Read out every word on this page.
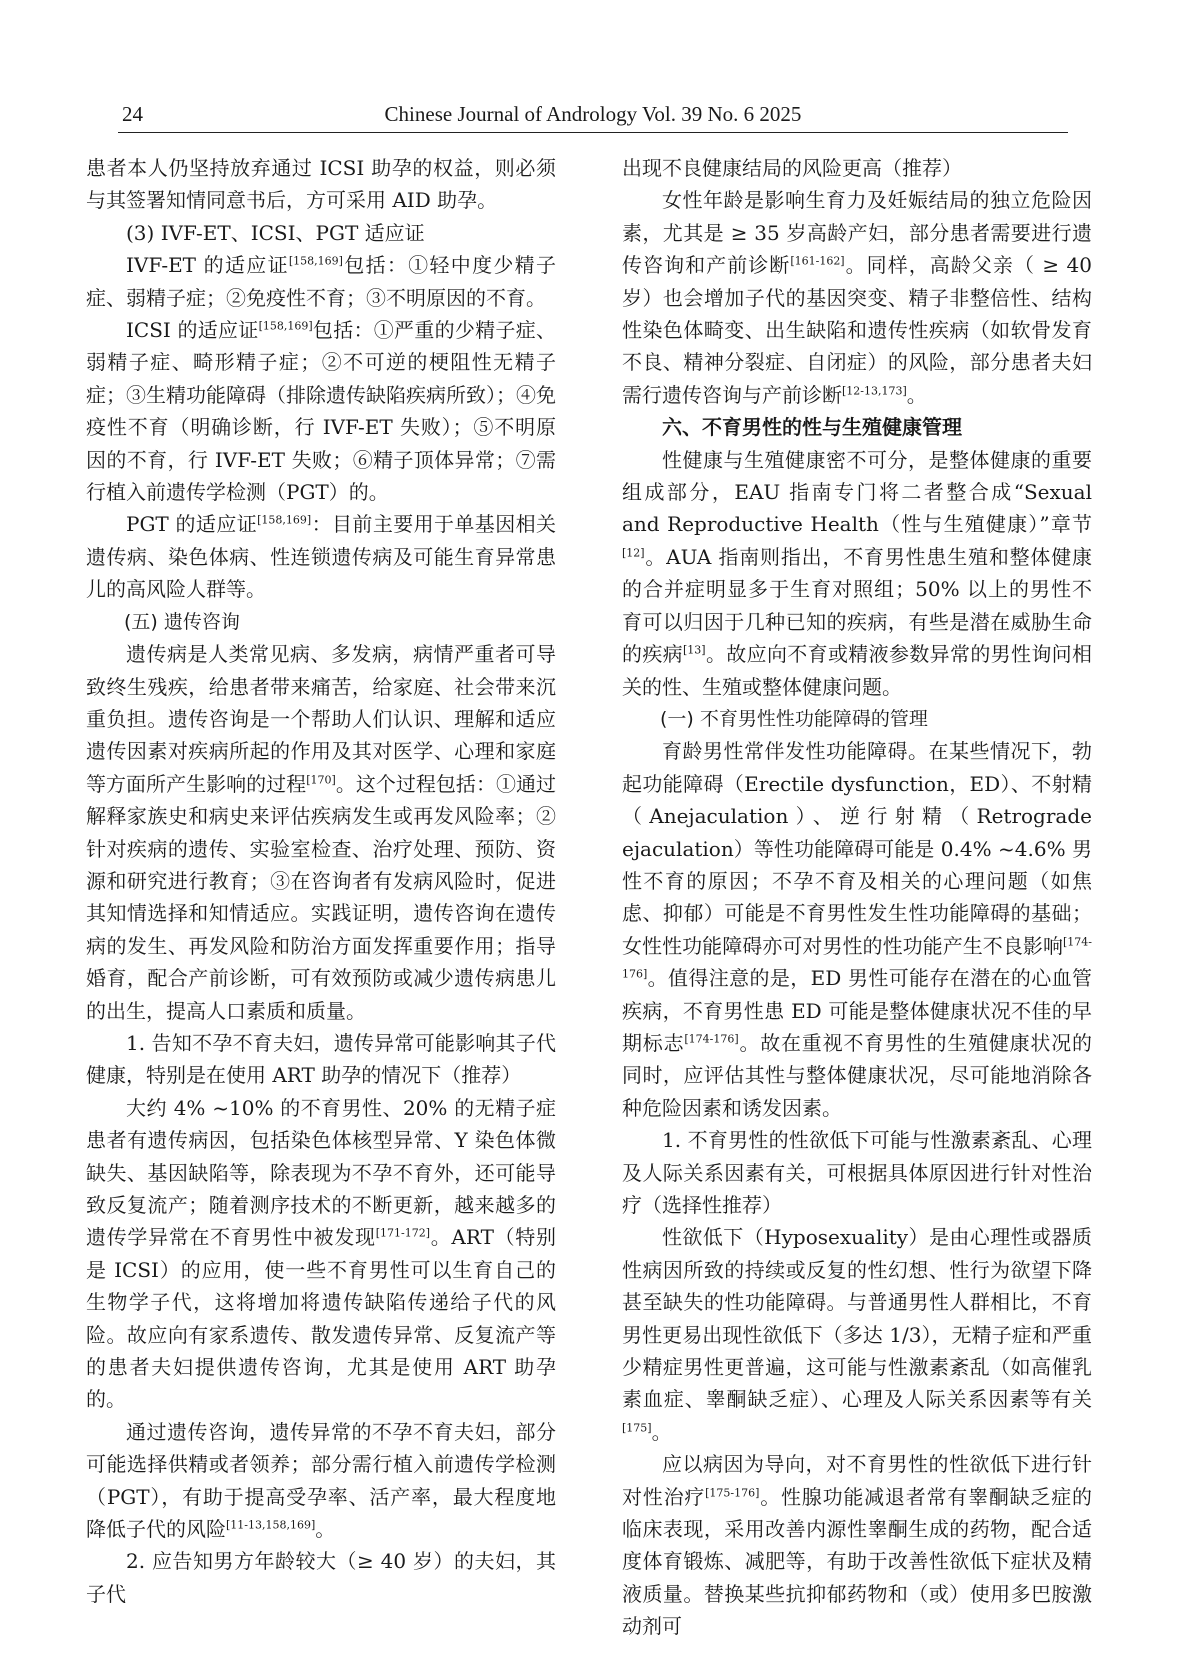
24	Chinese Journal of Andrology Vol. 39 No. 6 2025

患者本人仍坚持放弃通过 ICSI 助孕的权益，则必须与其签署知情同意书后，方可采用 AID 助孕。

(3) IVF-ET、ICSI、PGT 适应证

IVF-ET 的适应证[158,169]包括：①轻中度少精子症、弱精子症；②免疫性不育；③不明原因的不育。

ICSI 的适应证[158,169]包括：①严重的少精子症、弱精子症、畸形精子症；②不可逆的梗阻性无精子症；③生精功能障碍（排除遗传缺陷疾病所致）；④免疫性不育（明确诊断，行 IVF-ET 失败）；⑤不明原因的不育，行 IVF-ET 失败；⑥精子顶体异常；⑦需行植入前遗传学检测（PGT）的。

PGT 的适应证[158,169]：目前主要用于单基因相关遗传病、染色体病、性连锁遗传病及可能生育异常患儿的高风险人群等。

(五) 遗传咨询

遗传病是人类常见病、多发病，病情严重者可导致终生残疾，给患者带来痛苦，给家庭、社会带来沉重负担。遗传咨询是一个帮助人们认识、理解和适应遗传因素对疾病所起的作用及其对医学、心理和家庭等方面所产生影响的过程[170]。这个过程包括：①通过解释家族史和病史来评估疾病发生或再发风险率；②针对疾病的遗传、实验室检查、治疗处理、预防、资源和研究进行教育；③在咨询者有发病风险时，促进其知情选择和知情适应。实践证明，遗传咨询在遗传病的发生、再发风险和防治方面发挥重要作用；指导婚育，配合产前诊断，可有效预防或减少遗传病患儿的出生，提高人口素质和质量。

1. 告知不孕不育夫妇，遗传异常可能影响其子代健康，特别是在使用 ART 助孕的情况下（推荐）

大约 4% ~10% 的不育男性、20% 的无精子症患者有遗传病因，包括染色体核型异常、Y 染色体微缺失、基因缺陷等，除表现为不孕不育外，还可能导致反复流产；随着测序技术的不断更新，越来越多的遗传学异常在不育男性中被发现[171-172]。ART（特别是 ICSI）的应用，使一些不育男性可以生育自己的生物学子代，这将增加将遗传缺陷传递给子代的风险。故应向有家系遗传、散发遗传异常、反复流产等的患者夫妇提供遗传咨询，尤其是使用 ART 助孕的。

通过遗传咨询，遗传异常的不孕不育夫妇，部分可能选择供精或者领养；部分需行植入前遗传学检测（PGT），有助于提高受孕率、活产率，最大程度地降低子代的风险[11-13,158,169]。

2. 应告知男方年龄较大（≥ 40 岁）的夫妇，其子代

出现不良健康结局的风险更高（推荐）

女性年龄是影响生育力及妊娠结局的独立危险因素，尤其是 ≥ 35 岁高龄产妇，部分患者需要进行遗传咨询和产前诊断[161-162]。同样，高龄父亲（ ≥ 40 岁）也会增加子代的基因突变、精子非整倍性、结构性染色体畸变、出生缺陷和遗传性疾病（如软骨发育不良、精神分裂症、自闭症）的风险，部分患者夫妇需行遗传咨询与产前诊断[12-13,173]。

六、不育男性的性与生殖健康管理

性健康与生殖健康密不可分，是整体健康的重要组成部分，EAU 指南专门将二者整合成“Sexual and Reproductive Health（性与生殖健康）”章节[12]。AUA 指南则指出，不育男性患生殖和整体健康的合并症明显多于生育对照组；50% 以上的男性不育可以归因于几种已知的疾病，有些是潜在威胁生命的疾病[13]。故应向不育或精液参数异常的男性询问相关的性、生殖或整体健康问题。

(一) 不育男性性功能障碍的管理

育龄男性常伴发性功能障碍。在某些情况下，勃起功能障碍（Erectile dysfunction，ED）、不射精（Anejaculation）、逆行射精（Retrograde ejaculation）等性功能障碍可能是 0.4% ~4.6% 男性不育的原因；不孕不育及相关的心理问题（如焦虑、抑郁）可能是不育男性发生性功能障碍的基础；女性性功能障碍亦可对男性的性功能产生不良影响[174-176]。值得注意的是，ED 男性可能存在潜在的心血管疾病，不育男性患 ED 可能是整体健康状况不佳的早期标志[174-176]。故在重视不育男性的生殖健康状况的同时，应评估其性与整体健康状况，尽可能地消除各种危险因素和诱发因素。

1. 不育男性的性欲低下可能与性激素紊乱、心理及人际关系因素有关，可根据具体原因进行针对性治疗（选择性推荐）

性欲低下（Hyposexuality）是由心理性或器质性病因所致的持续或反复的性幻想、性行为欲望下降甚至缺失的性功能障碍。与普通男性人群相比，不育男性更易出现性欲低下（多达 1/3），无精子症和严重少精症男性更普遍，这可能与性激素紊乱（如高催乳素血症、睾酮缺乏症）、心理及人际关系因素等有关[175]。

应以病因为导向，对不育男性的性欲低下进行针对性治疗[175-176]。性腺功能减退者常有睾酮缺乏症的临床表现，采用改善内源性睾酮生成的药物，配合适度体育锻炼、减肥等，有助于改善性欲低下症状及精液质量。替换某些抗抑郁药物和（或）使用多巴胺激动剂可
